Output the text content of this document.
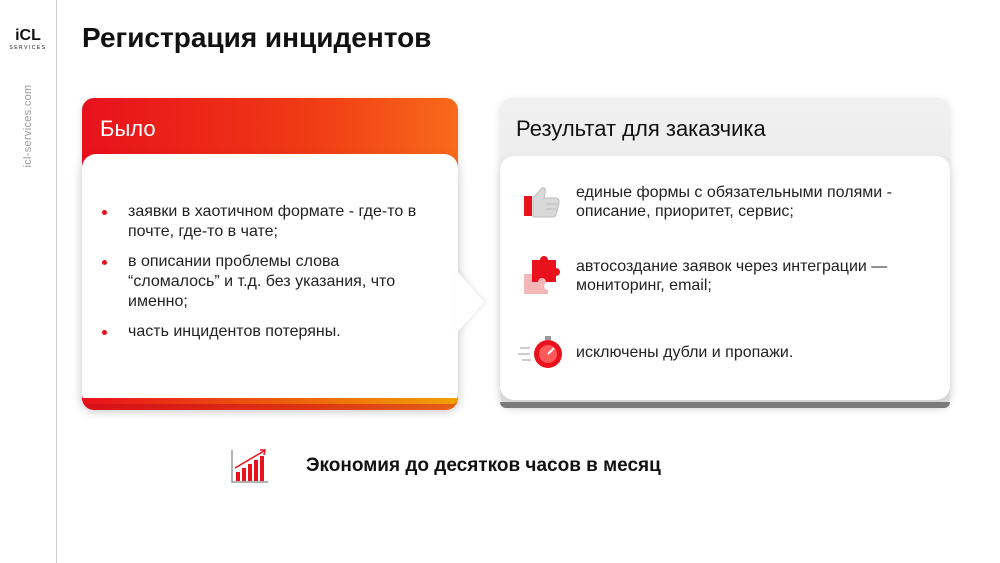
iCL
SERVICES
icl-services.com
Регистрация инцидентов
Было
заявки в хаотичном формате - где-то в почте, где-то в чате;
в описании проблемы слова “сломалось” и т.д. без указания, что именно;
часть инцидентов потеряны.
Результат для заказчика
единые формы с обязательными полями - описание, приоритет, сервис;
автосоздание заявок через интеграции — мониторинг, email;
исключены дубли и пропажи.
Экономия до десятков часов в месяц
